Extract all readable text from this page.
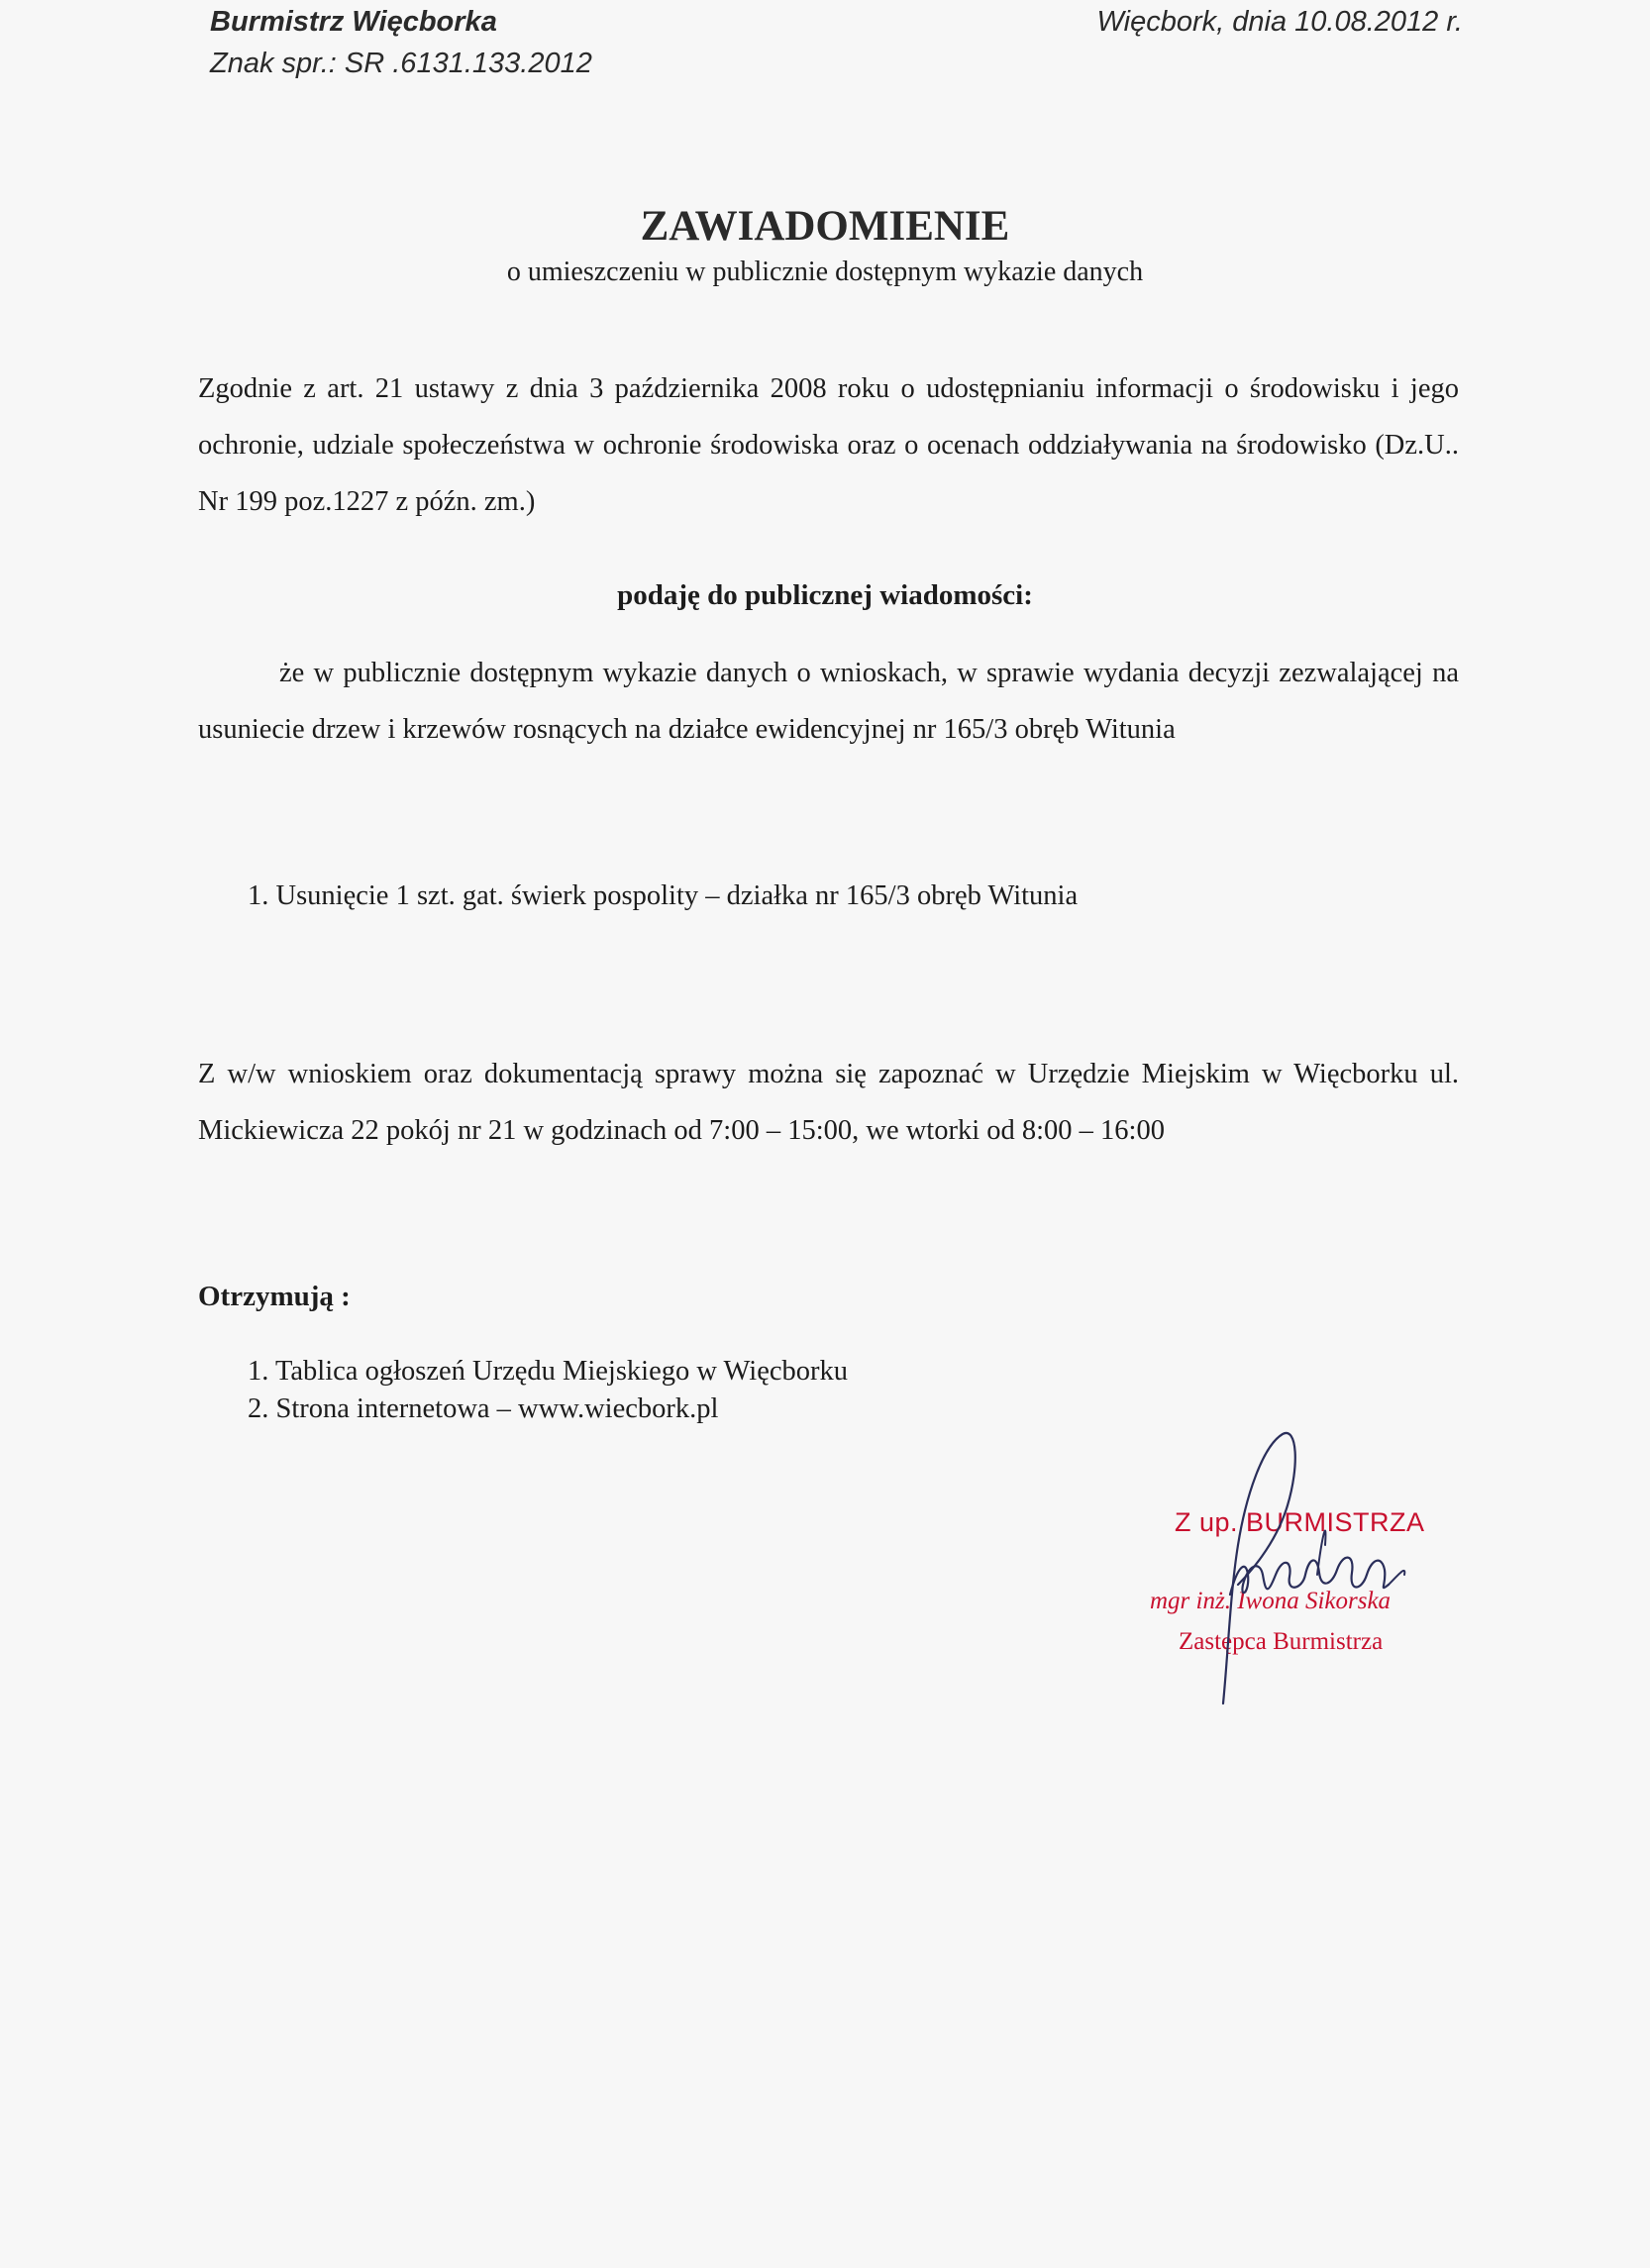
Burmistrz Więcborka

Znak spr.: SR .6131.133.2012

Więcbork, dnia 10.08.2012 r.

ZAWIADOMIENIE

o umieszczeniu w publicznie dostępnym wykazie danych

Zgodnie z art. 21 ustawy z dnia 3 października 2008 roku o udostępnianiu informacji o środowisku i jego ochronie, udziale społeczeństwa w ochronie środowiska oraz o ocenach oddziaływania na środowisko (Dz.U.. Nr 199 poz.1227 z późn. zm.)

podaję do publicznej wiadomości:

że w publicznie dostępnym wykazie danych o wnioskach, w sprawie wydania decyzji zezwalającej na usuniecie drzew i krzewów rosnących na działce ewidencyjnej nr 165/3 obręb Witunia

1. Usunięcie 1 szt. gat. świerk pospolity – działka nr 165/3 obręb Witunia

Z w/w wnioskiem oraz dokumentacją sprawy można się zapoznać w Urzędzie Miejskim w Więcborku ul. Mickiewicza 22 pokój nr 21 w godzinach od 7:00 – 15:00, we wtorki od 8:00 – 16:00

Otrzymują :

1. Tablica ogłoszeń Urzędu Miejskiego w Więcborku
2. Strona internetowa – www.wiecbork.pl

Z up. BURMISTRZA

mgr inż. Iwona Sikorska

Zastępca Burmistrza
